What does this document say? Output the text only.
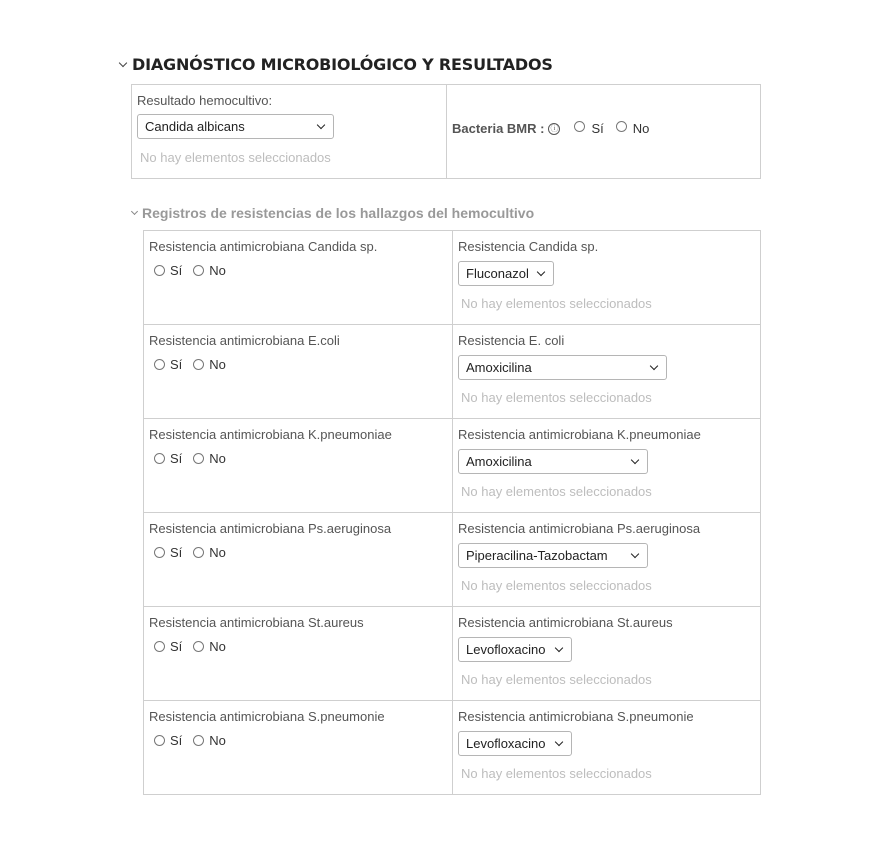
DIAGNÓSTICO MICROBIOLÓGICO Y RESULTADOS
Resultado hemocultivo:
Candida albicans
No hay elementos seleccionados
Bacteria BMR : ⓘ	Sí No
Registros de resistencias de los hallazgos del hemocultivo
Resistencia antimicrobiana Candida sp.
Sí No
Resistencia Candida sp.
Fluconazol
No hay elementos seleccionados
Resistencia antimicrobiana E.coli
Sí No
Resistencia E. coli
Amoxicilina
No hay elementos seleccionados
Resistencia antimicrobiana K.pneumoniae
Sí No
Resistencia antimicrobiana K.pneumoniae
Amoxicilina
No hay elementos seleccionados
Resistencia antimicrobiana Ps.aeruginosa
Sí No
Resistencia antimicrobiana Ps.aeruginosa
Piperacilina-Tazobactam
No hay elementos seleccionados
Resistencia antimicrobiana St.aureus
Sí No
Resistencia antimicrobiana St.aureus
Levofloxacino
No hay elementos seleccionados
Resistencia antimicrobiana S.pneumonie
Sí No
Resistencia antimicrobiana S.pneumonie
Levofloxacino
No hay elementos seleccionados
